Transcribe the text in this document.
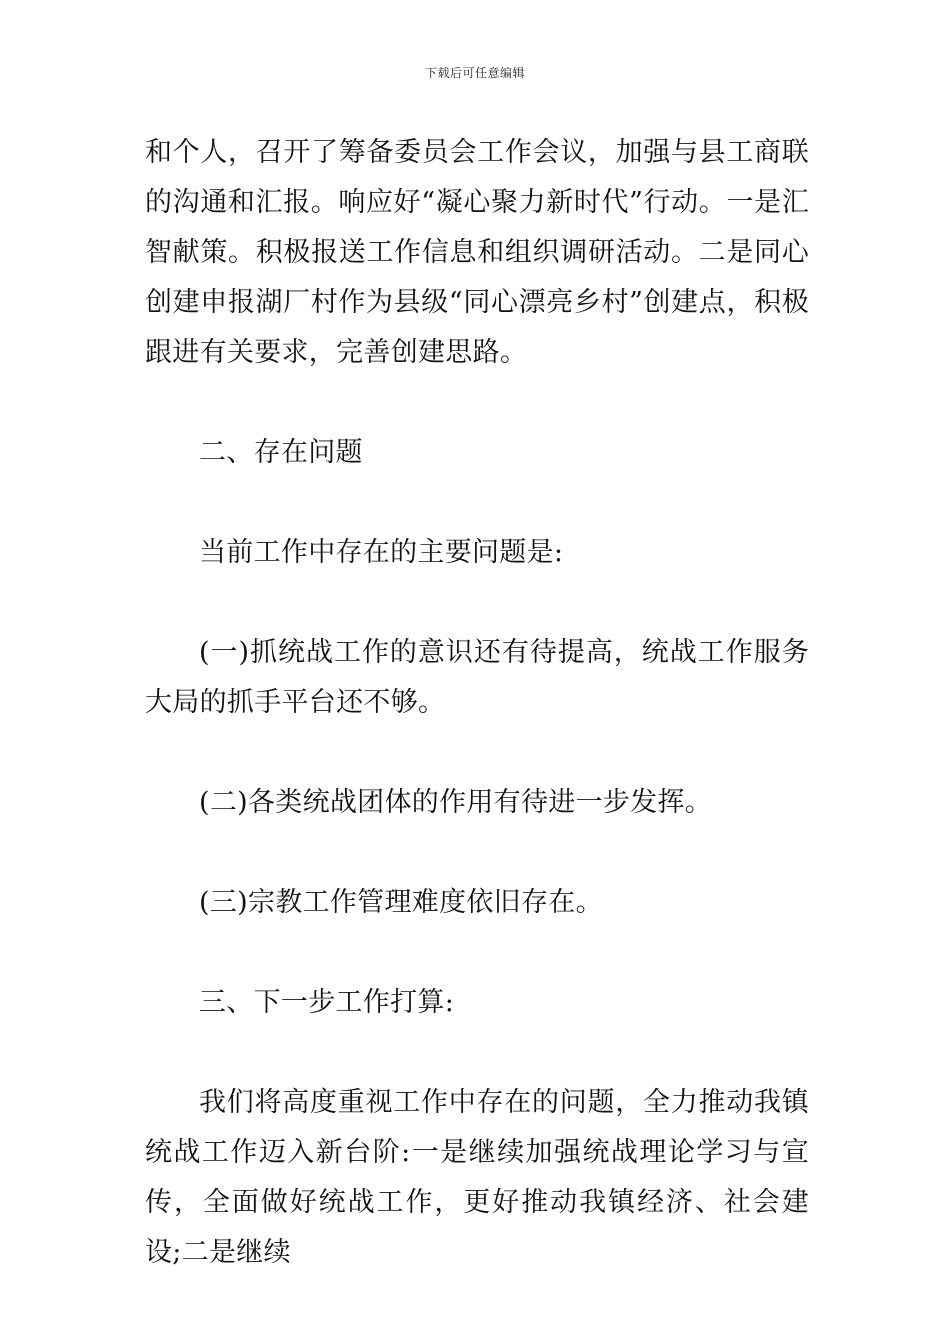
下载后可任意编辑

和个人，召开了筹备委员会工作会议，加强与县工商联的沟通和汇报。响应好“凝心聚力新时代”行动。一是汇智献策。积极报送工作信息和组织调研活动。二是同心创建申报湖厂村作为县级“同心漂亮乡村”创建点，积极跟进有关要求，完善创建思路。

二、存在问题

当前工作中存在的主要问题是:

(一)抓统战工作的意识还有待提高，统战工作服务大局的抓手平台还不够。

(二)各类统战团体的作用有待进一步发挥。

(三)宗教工作管理难度依旧存在。

三、下一步工作打算:

我们将高度重视工作中存在的问题，全力推动我镇统战工作迈入新台阶:一是继续加强统战理论学习与宣传，全面做好统战工作，更好推动我镇经济、社会建设;二是继续
